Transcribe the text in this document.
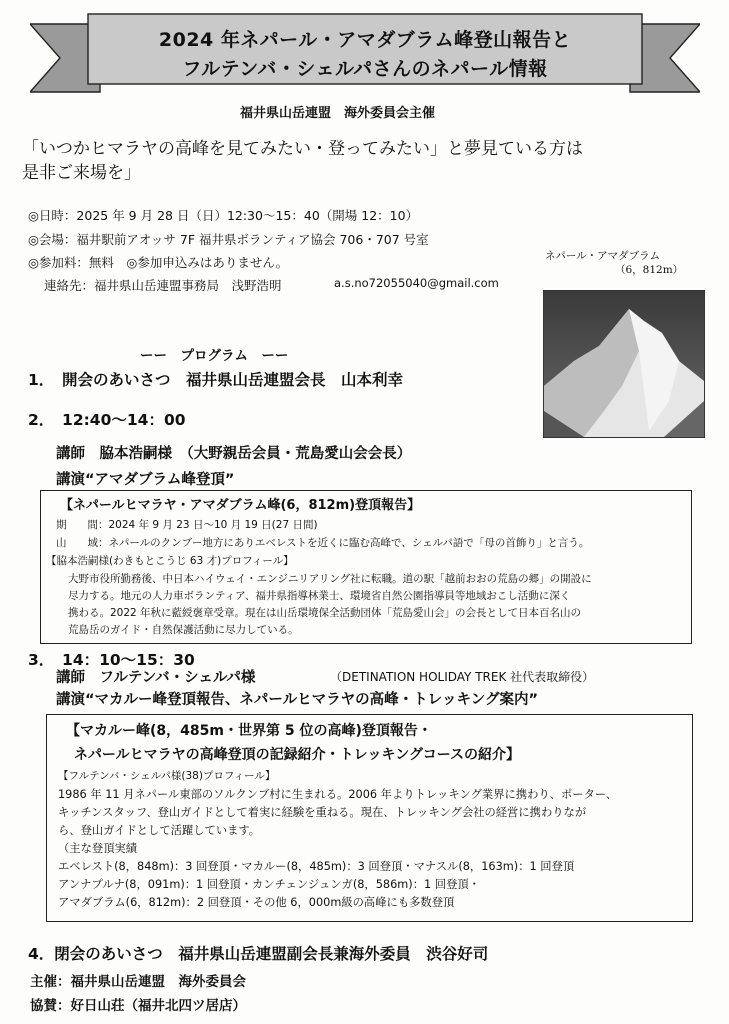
2024 年ネパール・アマダブラム峰登山報告と
フルテンバ・シェルパさんのネパール情報
福井県山岳連盟　海外委員会主催
「いつかヒマラヤの高峰を見てみたい・登ってみたい」と夢見ている方は
是非ご来場を」
◎日時：2025 年 9 月 28 日（日）12:30～15：40（開場 12：10）
◎会場：福井駅前アオッサ 7F 福井県ボランティア協会 706・707 号室
◎参加料：無料　◎参加申込みはありません。
連絡先：福井県山岳連盟事務局　浅野浩明	a.s.no72055040@gmail.com
ネパール・アマダブラム
（6，812m）
ーー　プログラム　ーー
1．　開会のあいさつ　福井県山岳連盟会長　山本利幸
2．　12:40～14：00
講師　脇本浩嗣様　（大野親岳会員・荒島愛山会会長）
講演“アマダブラム峰登頂”
【ネパールヒマラヤ・アマダブラム峰(6，812m)登頂報告】
期　　間：2024 年 9 月 23 日～10 月 19 日(27 日間)
山　　域：ネパールのクンブー地方にありエベレストを近くに臨む高峰で、シェルパ語で「母の首飾り」と言う。
【脇本浩嗣様(わきもとこうじ 63 才)プロフィール】
大野市役所勤務後、中日本ハイウェイ・エンジニリアリング社に転職。道の駅「越前おおの荒島の郷」の開設に
尽力する。地元の人力車ボランティア、福井県指導林業士、環境省自然公園指導員等地域おこし活動に深く
携わる。2022 年秋に藍綬褒章受章。現在は山岳環境保全活動団体「荒島愛山会」の会長として日本百名山の
荒島岳のガイド・自然保護活動に尽力している。
3．　14：10～15：30
講師　フルテンバ・シェルパ様	（DETINATION HOLIDAY TREK 社代表取締役）
講演“マカルー峰登頂報告、ネパールヒマラヤの高峰・トレッキング案内”
【マカルー峰(8，485m・世界第 5 位の高峰)登頂報告・
ネパールヒマラヤの高峰登頂の記録紹介・トレッキングコースの紹介】
【フルテンバ・シェルパ様(38)プロフィール】
1986 年 11 月ネパール東部のソルクンブ村に生まれる。2006 年よりトレッキング業界に携わり、ポーター、
キッチンスタッフ、登山ガイドとして着実に経験を重ねる。現在、トレッキング会社の経営に携わりなが
ら、登山ガイドとして活躍しています。
（主な登頂実績
エベレスト(8，848m)：3 回登頂・マカルー(8，485m)：3 回登頂・マナスル(8，163m)：1 回登頂
アンナプルナ(8，091m)：1 回登頂・カンチェンジュンガ(8，586m)：1 回登頂・
アマダブラム(6，812m)：2 回登頂・その他 6，000m級の高峰にも多数登頂
4．閉会のあいさつ　福井県山岳連盟副会長兼海外委員　渋谷好司
主催：福井県山岳連盟　海外委員会
協賛：好日山荘（福井北四ツ居店）
